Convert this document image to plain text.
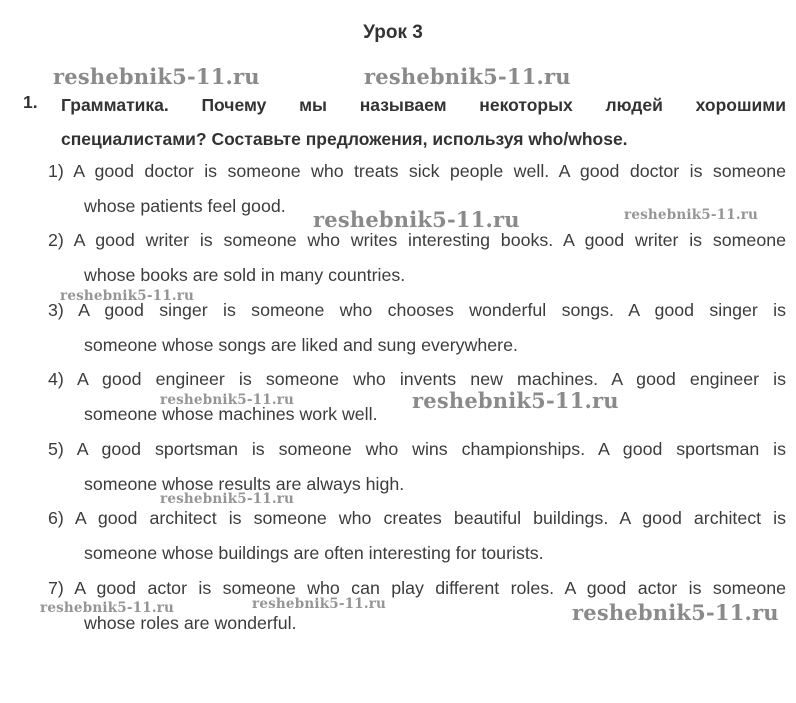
Урок 3
1. Грамматика. Почему мы называем некоторых людей хорошими
специалистами? Составьте предложения, используя who/whose.
1) A good doctor is someone who treats sick people well. A good doctor is someone
whose patients feel good.
2) A good writer is someone who writes interesting books. A good writer is someone
whose books are sold in many countries.
3) A good singer is someone who chooses wonderful songs. A good singer is
someone whose songs are liked and sung everywhere.
4) A good engineer is someone who invents new machines. A good engineer is
someone whose machines work well.
5) A good sportsman is someone who wins championships. A good sportsman is
someone whose results are always high.
6) A good architect is someone who creates beautiful buildings. A good architect is
someone whose buildings are often interesting for tourists.
7) A good actor is someone who can play different roles. A good actor is someone
whose roles are wonderful.
reshebnik5-11.ru	reshebnik5-11.ru
reshebnik5-11.ru	reshebnik5-11.ru
reshebnik5-11.ru
reshebnik5-11.ru	reshebnik5-11.ru
reshebnik5-11.ru
reshebnik5-11.ru	reshebnik5-11.ru	reshebnik5-11.ru
